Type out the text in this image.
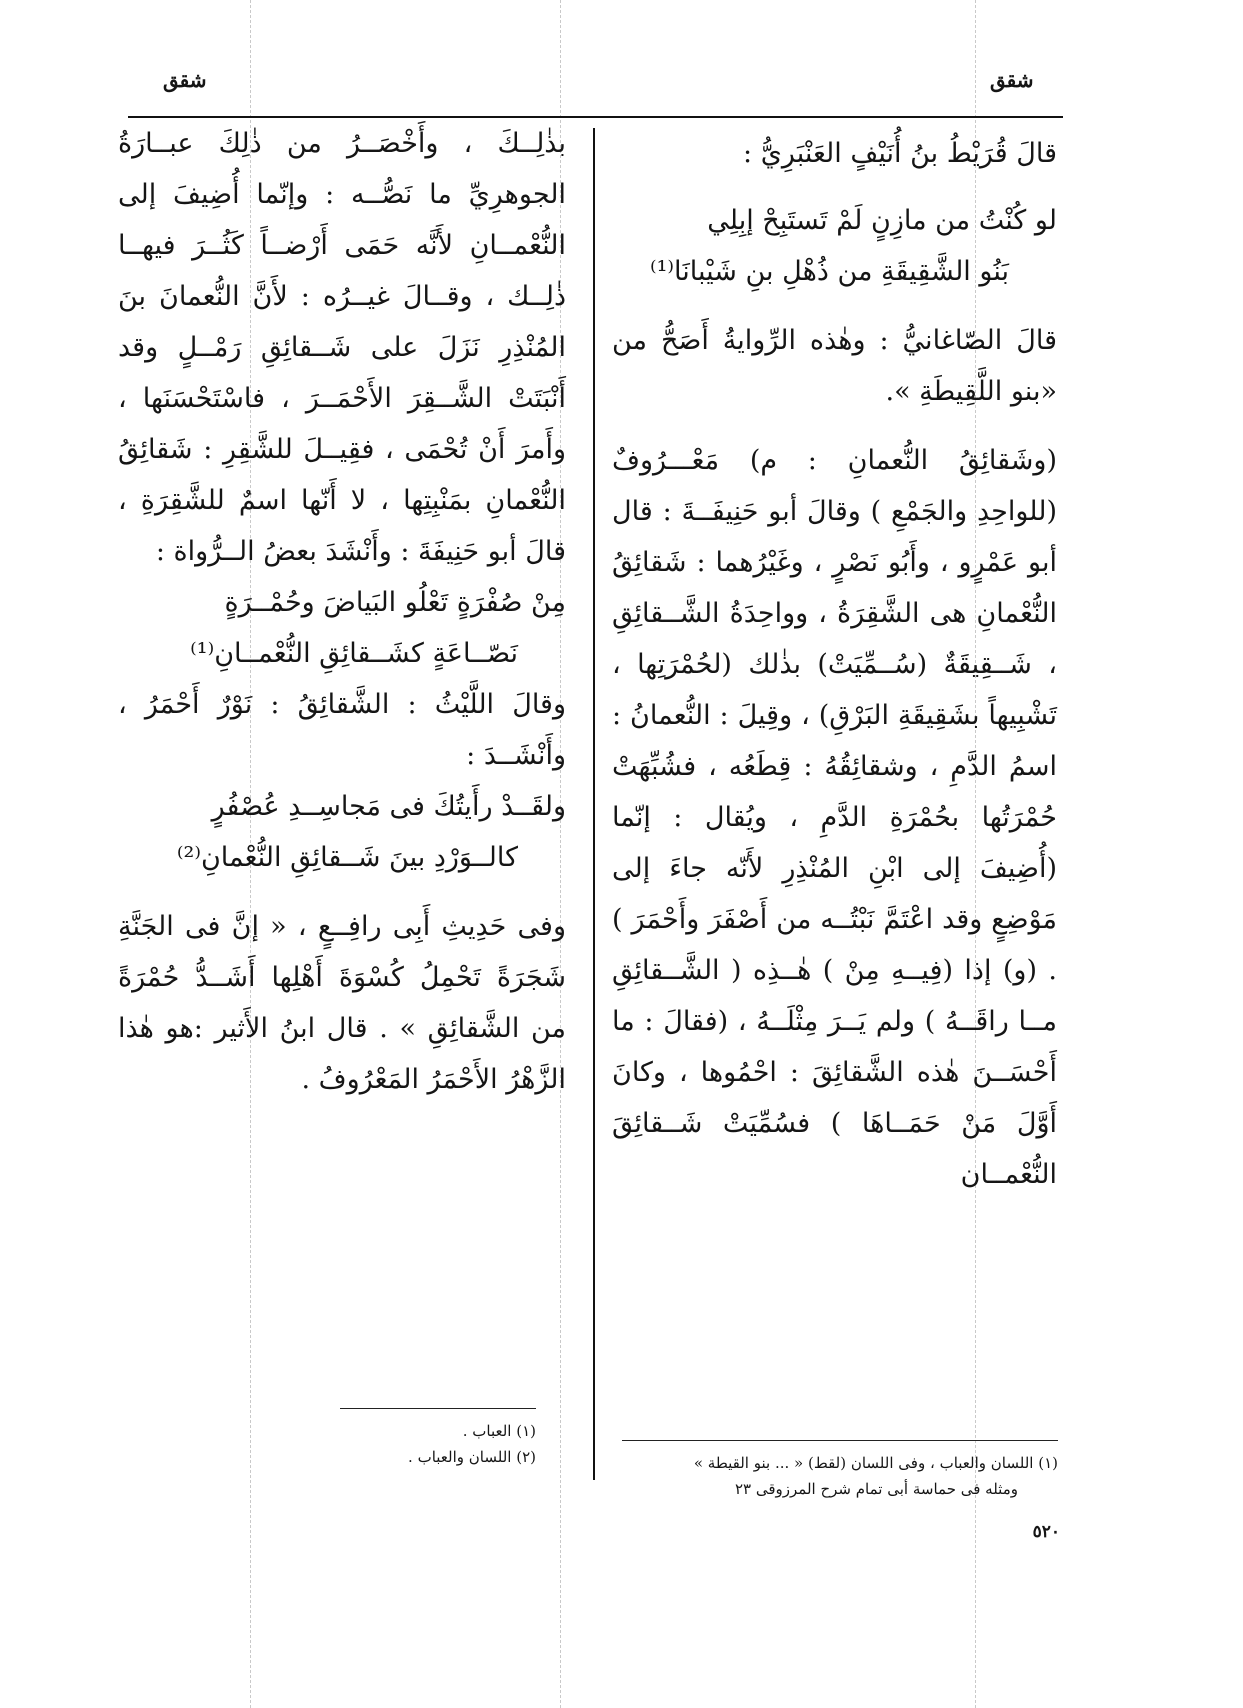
شقق
شقق

قالَ قُرَيْطُ بنُ أُنَيْفٍ العَنْبَرِيُّ :

لو كُنْتُ من مازِنٍ لَمْ تَستَبِحْ إبِلِي

بَنُو الشَّقِيقَةِ من ذُهْلِ بنِ شَيْبانَا⁽¹⁾

قالَ الصّاغانيُّ : وهٰذه الرِّوايةُ أَصَحُّ من «بنو اللَّقِيطَةِ ».

(وشَقائِقُ النُّعمانِ : م) مَعْـــرُوفٌ (للواحِدِ والجَمْعِ ) وقالَ أبو حَنِيفَــةَ : قال أبو عَمْرٍو ، وأَبُو نَصْرٍ ، وغَيْرُهما : شَقائِقُ النُّعْمانِ هى الشَّقِرَةُ ، وواحِدَةُ الشَّــقائِقِ ، شَــقِيقَةٌ (سُــمِّيَتْ) بذٰلك (لحُمْرَتِها ، تَشْبِيهاً بشَقِيقَةِ البَرْقِ) ، وقِيلَ : النُّعمانُ : اسمُ الدَّمِ ، وشقائِقُهُ : قِطَعُه ، فشُبِّهَتْ حُمْرَتُها بحُمْرَةِ الدَّمِ ، ويُقال : إنّما (أُضِيفَ إلى ابْنِ المُنْذِرِ لأَنّه جاءَ إلى مَوْضِعٍ وقد اعْتَمَّ نَبْتُــه من أَصْفَرَ وأَحْمَرَ ) . (و) إذا (فِيــهِ مِنْ ) هٰــذِه ( الشَّــقائِقِ مــا راقَــهُ ) ولم يَــرَ مِثْلَــهُ ، (فقالَ : ما أَحْسَــنَ هٰذه الشَّقائِقَ : احْمُوها ، وكانَ أَوَّلَ مَنْ حَمَــاهَا ) فسُمِّيَتْ شَــقائِقَ النُّعْمــان

بذٰلِــكَ ، وأَخْصَــرُ من ذٰلِكَ عبــارَةُ الجوهرِيِّ ما نَصُّــه : وإنّما أُضِيفَ إلى النُّعْمــانِ لأَنَّه حَمَى أَرْضــاً كَثُــرَ فيهــا ذٰلِــك ، وقــالَ غيــرُه : لأَنَّ النُّعمانَ بنَ المُنْذِرِ نَزَلَ على شَــقائِقِ رَمْــلٍ وقد أَنْبَتَتْ الشَّــقِرَ الأَحْمَــرَ ، فاسْتَحْسَنَها ، وأَمرَ أَنْ تُحْمَى ، فقِيــلَ للشَّقِرِ : شَقائِقُ النُّعْمانِ بمَنْبِتِها ، لا أَنّها اسمٌ للشَّقِرَةِ ، قالَ أبو حَنِيفَةَ : وأَنْشَدَ بعضُ الــرُّواة :

مِنْ صُفْرَةٍ تَعْلُو البَياضَ وحُمْــرَةٍ

نَصّــاعَةٍ كشَــقائِقِ النُّعْمــانِ⁽¹⁾

وقالَ اللَّيْثُ : الشَّقائِقُ : نَوْرٌ أَحْمَرُ ، وأَنْشَــدَ :

ولقَــدْ رأَيتُكَ فى مَجاسِــدِ عُصْفُرٍ

كالــوَرْدِ بينَ شَــقائِقِ النُّعْمانِ⁽²⁾

وفى حَدِيثِ أَبِى رافِــعٍ ، « إنَّ فى الجَنَّةِ شَجَرَةً تَحْمِلُ كُسْوَةَ أَهْلِها أَشَــدُّ حُمْرَةً من الشَّقائِقِ » . قال ابنُ الأَثير :هو هٰذا الزَّهْرُ الأَحْمَرُ المَعْرُوفُ .

(١) العباب .
(٢) اللسان والعباب .	(١) اللسان والعباب ، وفى اللسان (لقط) « ... بنو القيطة »
ومثله فى حماسة أبى تمام شرح المرزوقى ٢٣
٥٢٠
